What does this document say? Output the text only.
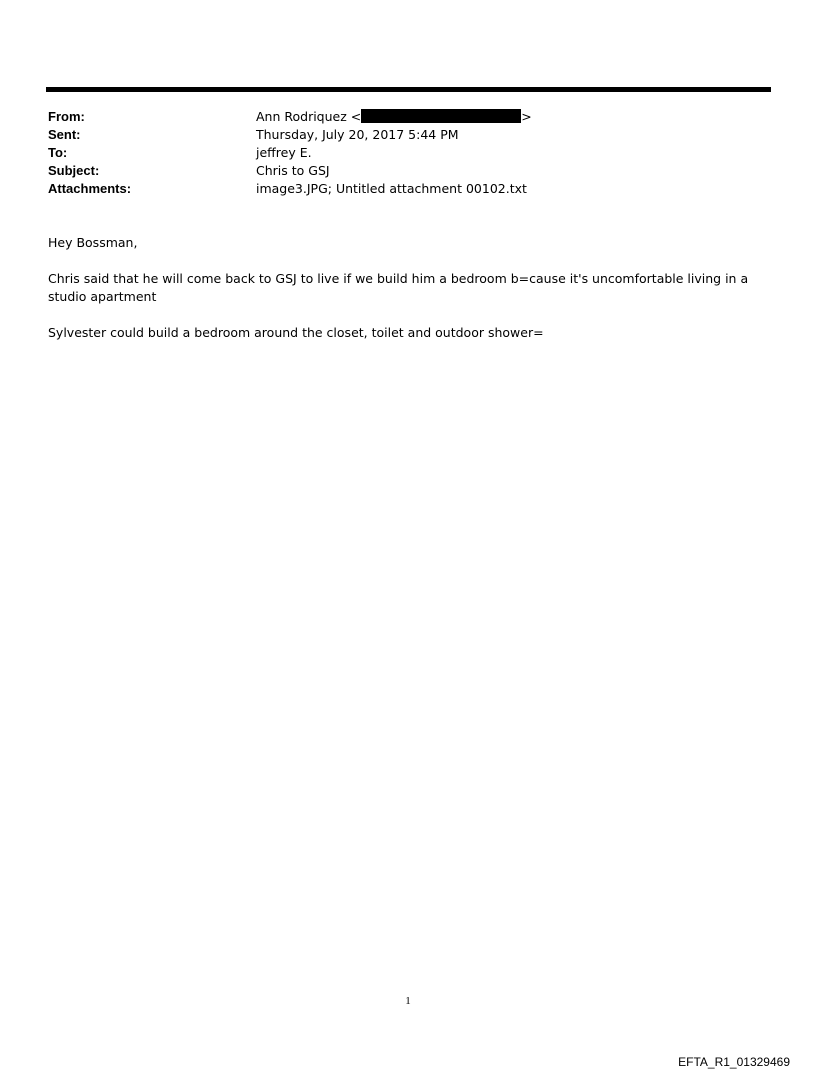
From:	Ann Rodriquez <	>
Sent:	Thursday, July 20, 2017 5:44 PM
To:	jeffrey E.
Subject:	Chris to GSJ
Attachments:	image3.JPG; Untitled attachment 00102.txt
Hey Bossman,
Chris said that he will come back to GSJ to live if we build him a bedroom b=cause it's uncomfortable living in a studio apartment
Sylvester could build a bedroom around the closet, toilet and outdoor shower=
1
EFTA_R1_01329469
